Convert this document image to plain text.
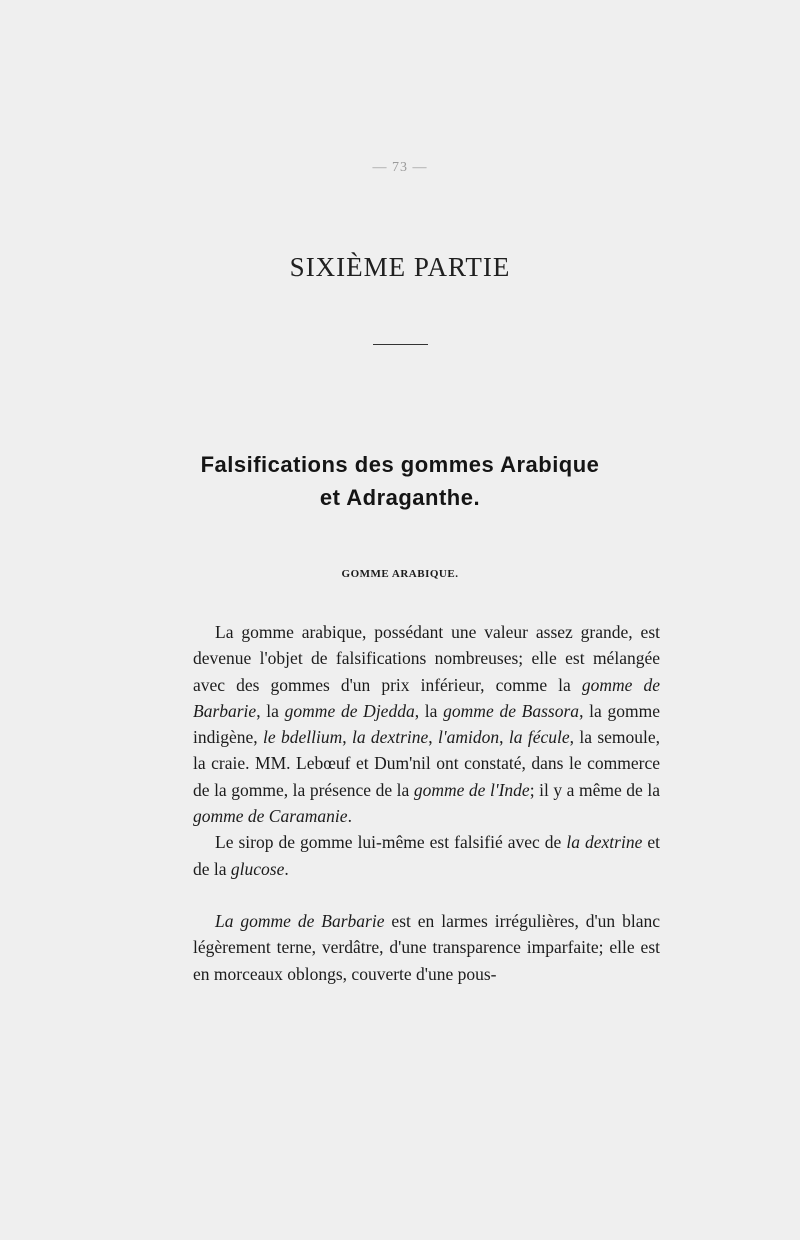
— 73 —
SIXIÈME PARTIE
Falsifications des gommes Arabique
et Adraganthe.
GOMME ARABIQUE.

La gomme arabique, possédant une valeur assez grande, est devenue l'objet de falsifications nombreuses; elle est mélangée avec des gommes d'un prix inférieur, comme la gomme de Barbarie, la gomme de Djedda, la gomme de Bassora, la gomme indigène, le bdellium, la dextrine, l'amidon, la fécule, la semoule, la craie. MM. Lebœuf et Dum'nil ont constaté, dans le commerce de la gomme, la présence de la gomme de l'Inde; il y a même de la gomme de Caramanie.

Le sirop de gomme lui-même est falsifié avec de la dextrine et de la glucose.

La gomme de Barbarie est en larmes irrégulières, d'un blanc légèrement terne, verdâtre, d'une transparence imparfaite; elle est en morceaux oblongs, couverte d'une pous-
